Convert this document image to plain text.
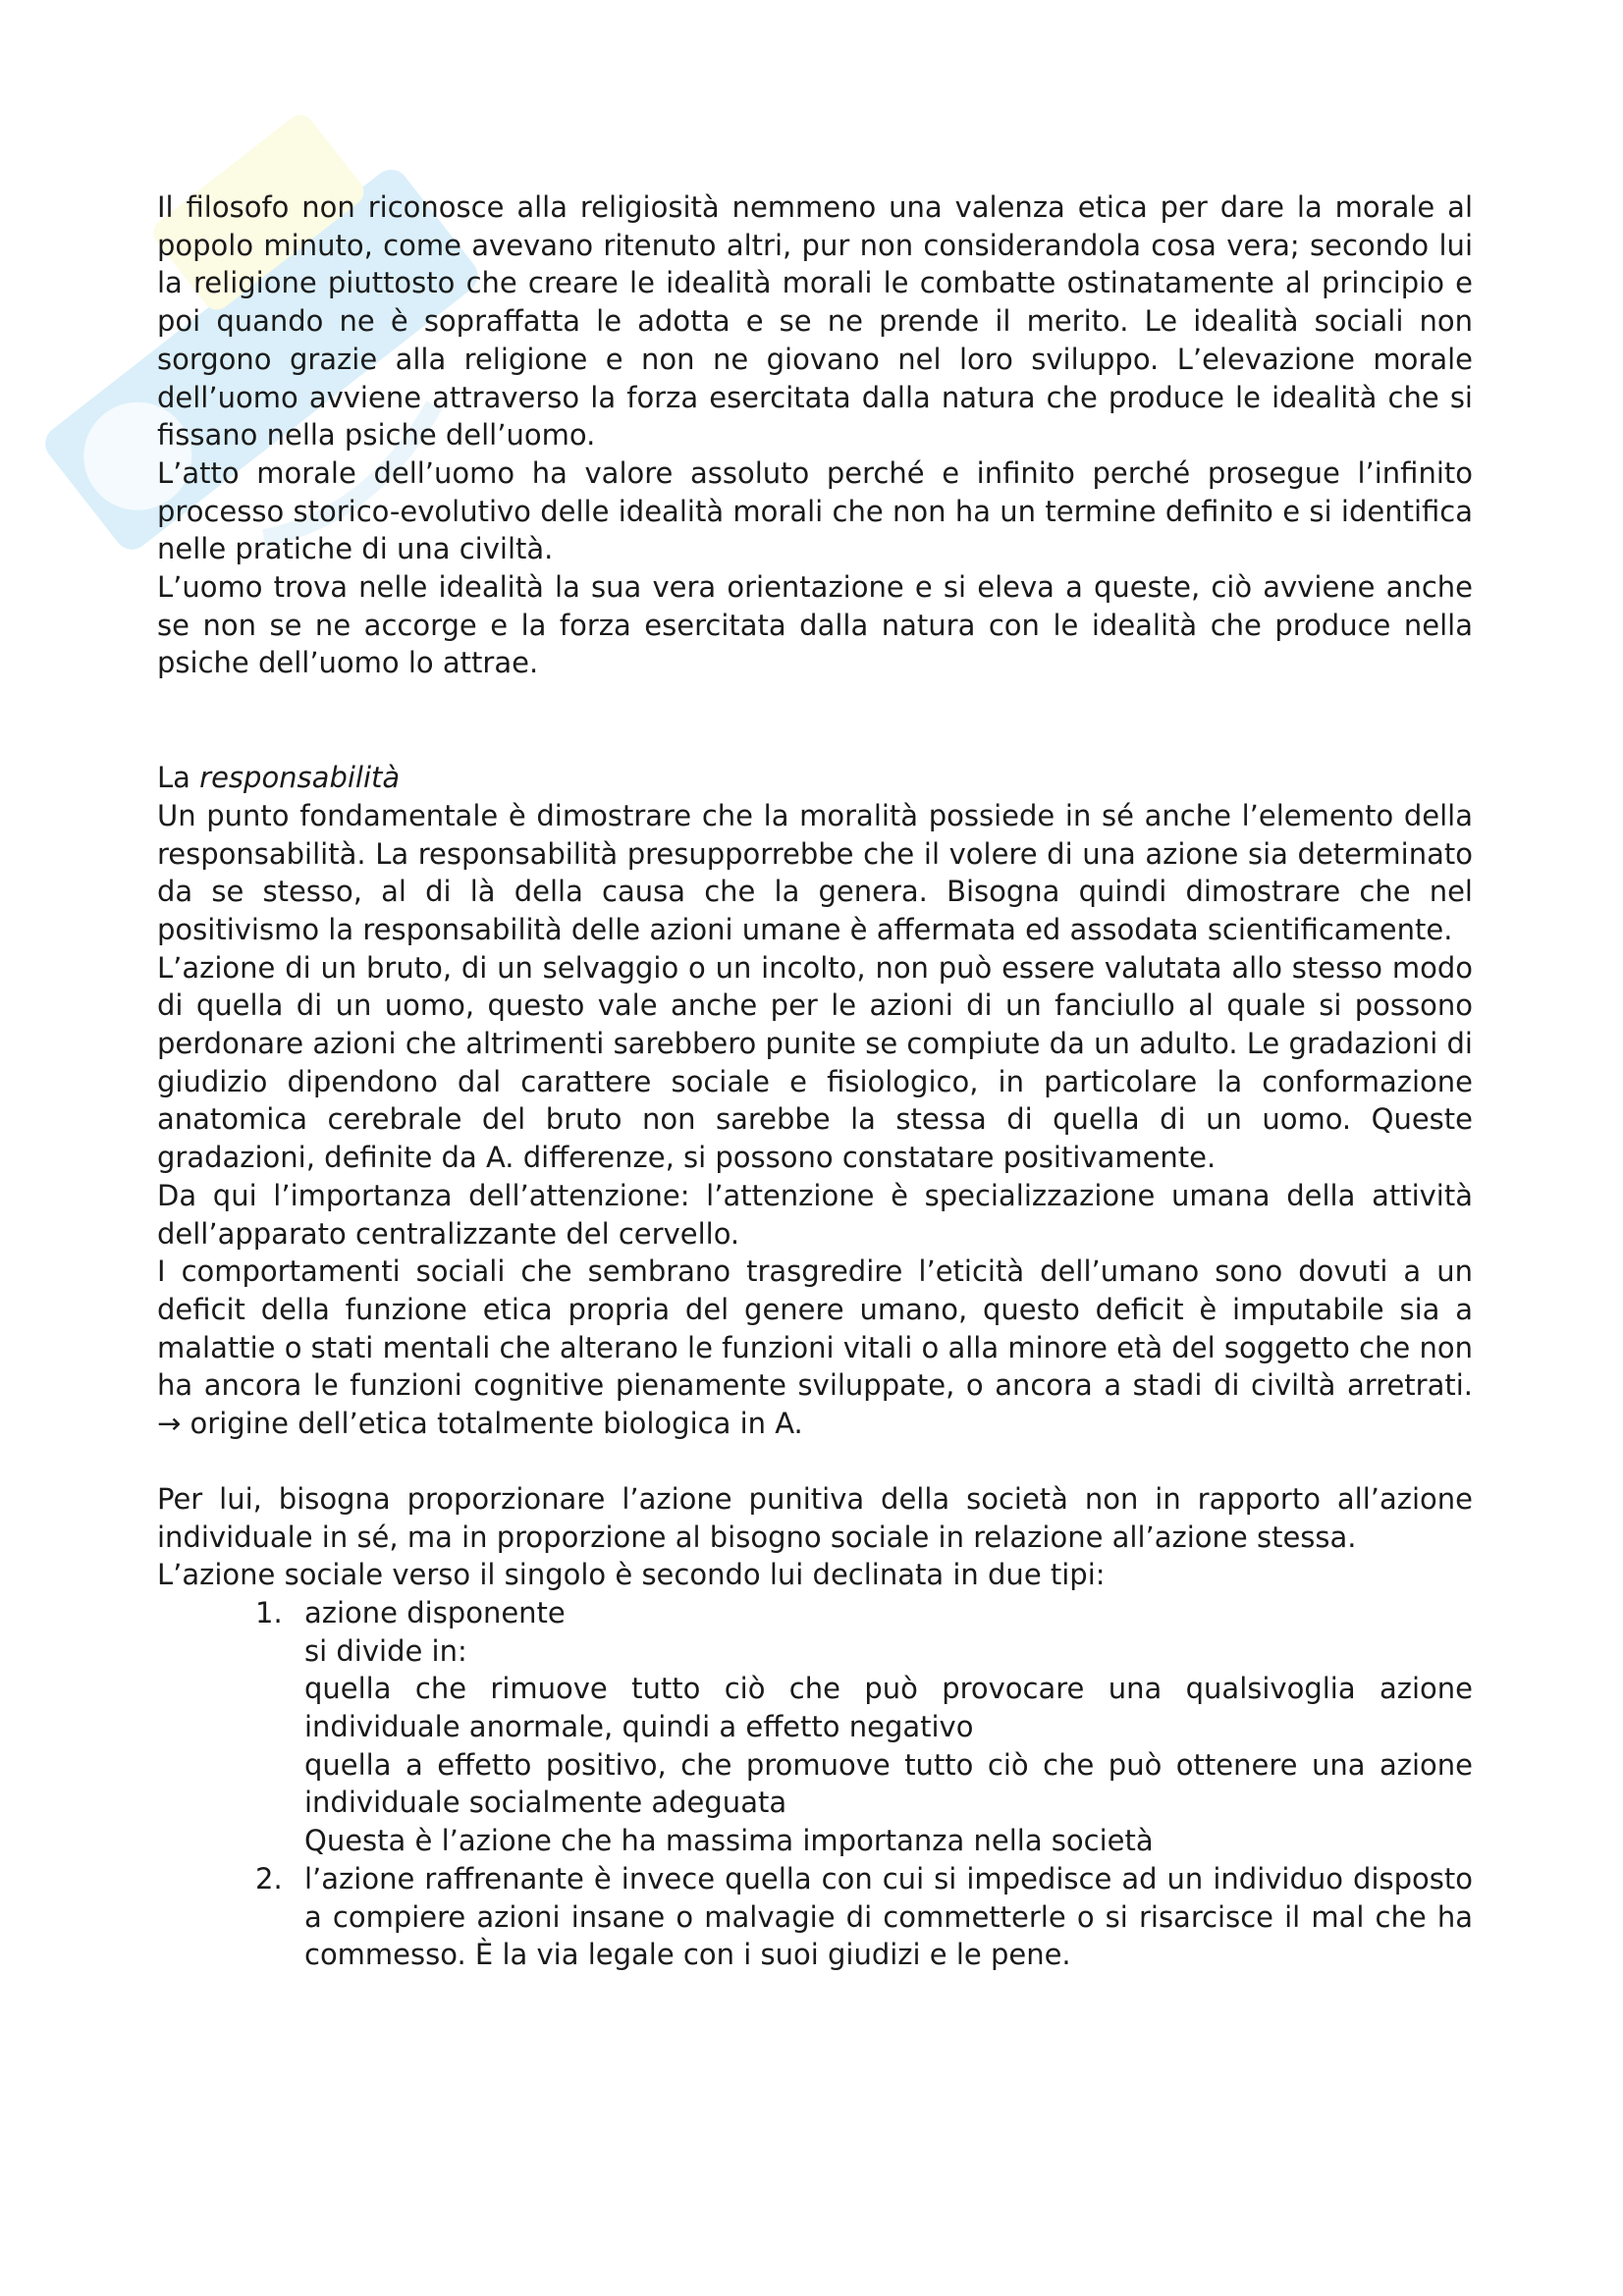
Il filosofo non riconosce alla religiosità nemmeno una valenza etica per dare la morale al popolo minuto, come avevano ritenuto altri, pur non considerandola cosa vera; secondo lui la religione piuttosto che creare le idealità morali le combatte ostinatamente al principio e poi quando ne è sopraffatta le adotta e se ne prende il merito. Le idealità sociali non sorgono grazie alla religione e non ne giovano nel loro sviluppo. L’elevazione morale dell’uomo avviene attraverso la forza esercitata dalla natura che produce le idealità che si fissano nella psiche dell’uomo.

L’atto morale dell’uomo ha valore assoluto perché e infinito perché prosegue l’infinito processo storico-evolutivo delle idealità morali che non ha un termine definito e si identifica nelle pratiche di una civiltà.

L’uomo trova nelle idealità la sua vera orientazione e si eleva a queste, ciò avviene anche se non se ne accorge e la forza esercitata dalla natura con le idealità che produce nella psiche dell’uomo lo attrae.

La responsabilità

Un punto fondamentale è dimostrare che la moralità possiede in sé anche l’elemento della responsabilità. La responsabilità presupporrebbe che il volere di una azione sia determinato da se stesso, al di là della causa che la genera. Bisogna quindi dimostrare che nel positivismo la responsabilità delle azioni umane è affermata ed assodata scientificamente.

L’azione di un bruto, di un selvaggio o un incolto, non può essere valutata allo stesso modo di quella di un uomo, questo vale anche per le azioni di un fanciullo al quale si possono perdonare azioni che altrimenti sarebbero punite se compiute da un adulto. Le gradazioni di giudizio dipendono dal carattere sociale e fisiologico, in particolare la conformazione anatomica cerebrale del bruto non sarebbe la stessa di quella di un uomo. Queste gradazioni, definite da A. differenze, si possono constatare positivamente.

Da qui l’importanza dell’attenzione: l’attenzione è specializzazione umana della attività dell’apparato centralizzante del cervello.

I comportamenti sociali che sembrano trasgredire l’eticità dell’umano sono dovuti a un deficit della funzione etica propria del genere umano, questo deficit è imputabile sia a malattie o stati mentali che alterano le funzioni vitali o alla minore età del soggetto che non ha ancora le funzioni cognitive pienamente sviluppate, o ancora a stadi di civiltà arretrati. → origine dell’etica totalmente biologica in A.

Per lui, bisogna proporzionare l’azione punitiva della società non in rapporto all’azione individuale in sé, ma in proporzione al bisogno sociale in relazione all’azione stessa.

L’azione sociale verso il singolo è secondo lui declinata in due tipi:

1. azione disponente

si divide in:

quella che rimuove tutto ciò che può provocare una qualsivoglia azione individuale anormale, quindi a effetto negativo

quella a effetto positivo, che promuove tutto ciò che può ottenere una azione individuale socialmente adeguata

Questa è l’azione che ha massima importanza nella società

2. l’azione raffrenante è invece quella con cui si impedisce ad un individuo disposto a compiere azioni insane o malvagie di commetterle o si risarcisce il mal che ha commesso. È la via legale con i suoi giudizi e le pene.
